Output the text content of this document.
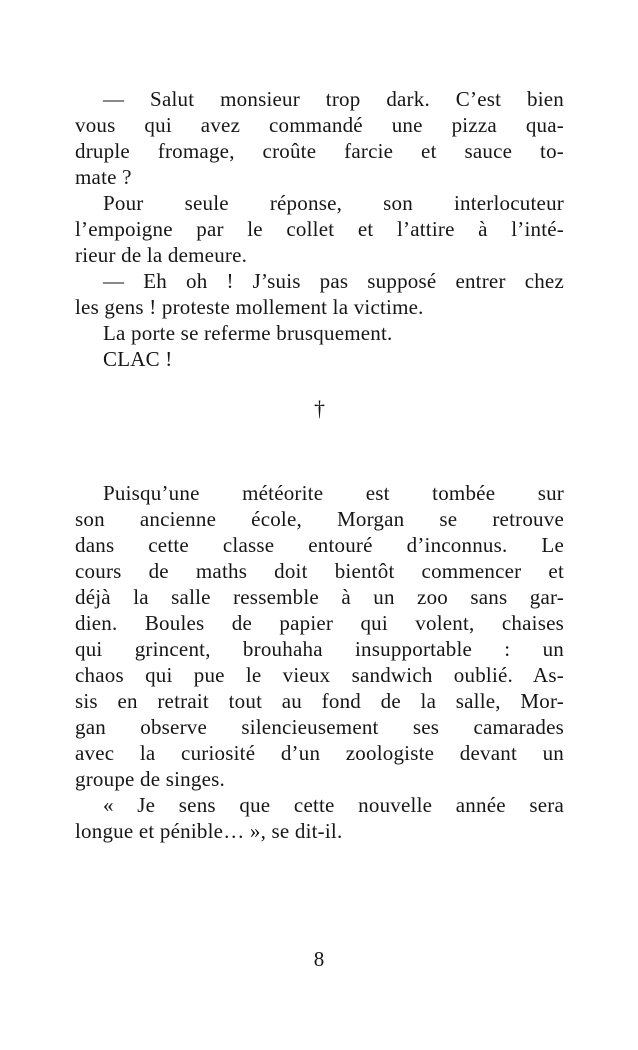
— Salut monsieur trop dark. C’est bien
vous qui avez commandé une pizza qua-
druple fromage, croûte farcie et sauce to-
mate ?
Pour seule réponse, son interlocuteur
l’empoigne par le collet et l’attire à l’inté-
rieur de la demeure.
— Eh oh ! J’suis pas supposé entrer chez
les gens ! proteste mollement la victime.
La porte se referme brusquement.
CLAC !
†
Puisqu’une météorite est tombée sur
son ancienne école, Morgan se retrouve
dans cette classe entouré d’inconnus. Le
cours de maths doit bientôt commencer et
déjà la salle ressemble à un zoo sans gar-
dien. Boules de papier qui volent, chaises
qui grincent, brouhaha insupportable : un
chaos qui pue le vieux sandwich oublié. As-
sis en retrait tout au fond de la salle, Mor-
gan observe silencieusement ses camarades
avec la curiosité d’un zoologiste devant un
groupe de singes.
« Je sens que cette nouvelle année sera
longue et pénible… », se dit-il.
8
